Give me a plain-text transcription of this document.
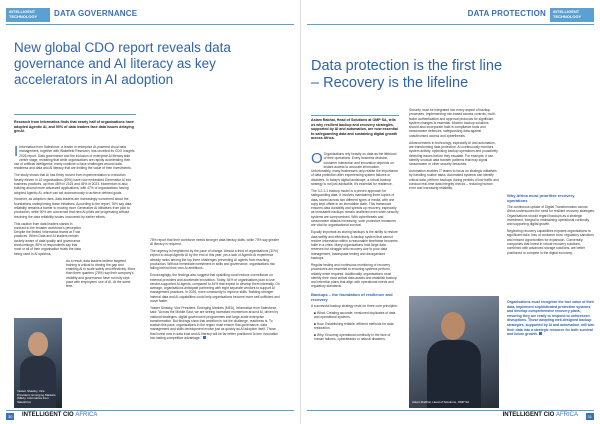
INTELLIGENT TECHNOLOGY	DATA GOVERNANCE
New global CDO report reveals data governance and AI literacy as key accelerators in AI adoption

Research from Informatica finds that nearly half of organisations have adopted Agentic AI, and 90% of data leaders face data issues delaying genAI.

I Informatica from Salesforce, a leader in enterprise AI-powered cloud data management, together with Wakefield Research, has unveiled its CDO Insights 2026 report. Data governance and the inclusion of enterprise AI literacy take centre stage, revealing that while organisations are rapidly accelerating their use of artificial intelligence, many continue to face challenges around data readiness and data and AI literacy that are limiting the value of their investments.

The study shows that AI has firmly moved from experimentation to execution. Nearly eleven in 10 organisations (69%) have now embedded Generative AI into business practices, up from 48% in 2024 and 45% in 2023. Momentum is also building around more advanced applications, with 47% of organisations having adopted Agentic AI, which can act autonomously to achieve defined goals.

However, as adoption rises, data leaders are increasingly concerned about the foundations underpinning these initiatives. According to the report, 76% say data reliability remains a barrier to moving more Generative AI initiatives from pilot to production, while 90% are concerned that new AI pilots are progressing without resolving the data reliability issues uncovered by earlier efforts.

This caution from data leaders stands in contrast to the broader workforce's perception. Despite the limited Informatica teams at Trust practices. When Data and AI leaders remain acutely aware of data quality and governance shortcomings, 85% of respondents say that most or all of their organisation trusts the data being used in AI systems.

As a result, data leaders believe targeted training is critical to closing the gap and enabling AI to scale safely and effectively. More than three quarters (75%) say their company's visibility and governance have not fully kept pace with employees' use of AI. At the same time.

Yasser Shawky, Vice President, Emerging Markets (MEA), Informatica from Salesforce

75% report that their workforce needs stronger data literacy skills, while 70% say greater AI literacy is required.

The urgency is heightened by the pace of change. Almost a third of organisations (31%) expect to adopt Agentic AI by the end of this year, yet a lack of Agentic AI experience already ranks among the top three challenges preventing AI agents from reaching production. Without immediate investment in skills and governance, organisations risk falling behind their own AI ambitions.

Encouragingly, the findings also suggest that upskilling could reduce overreliance on external providers and accelerate innovation. Today, 54% of organisations plan to use vendor-supported AI agents, compared to 44% that expect to develop them internally. On average, organisations anticipate partnering with eight separate vendors to support AI management practices. In 2026, more community to improve skills. Building stronger internal data and AI capabilities could help organisations become more self-sufficient and move faster.

Yasser Shawky, Vice President, Emerging Markets (MEA), Informatica from Salesforce, said: "Across the Middle East, we are seeing increased momentum around AI, driven by national strategies, digital government programmes and large-scale enterprise transformation. But findings show that ambition is not the challenge, readiness is. To sustain this pace, organisations in the region must ensure that governance, data management and skills development evolve just as quickly as AI adoption itself. Those that invest now in data trust and AI literacy will be far better positioned to turn innovation into lasting competitive advantage."

30	INTELLIGENT CIO AFRICA
DATA PROTECTION	INTELLIGENT TECHNOLOGY
Data protection is the first line – Recovery is the lifeline

Aslam Rabhai, Head of Solutions at OMP SA, tells us why resilient backup and recovery strategies, supported by AI and automation, are now essential to safeguarding data and sustaining digital growth across Africa.

O Organisations rely heavily on data as the lifeblood of their operations. Every business decision, customer interaction and innovation depends on instant access to accurate information. Unfortunately, many businesses only realise the importance of data protection after experiencing system failures or disasters. In today's digital landscape, a robust backup strategy is not just advisable, it's essential for resilience.

The 3-2-1-1 backup model is a proven approach for safeguarding data. It involves maintaining three copies of data, stored across two different types of media, with one copy kept offsite in an immutable state. This framework ensures data durability and speeds up recovery, especially as immutable backups remain unaltered even when security systems are compromised. With cyberthreats and ransomware attacks increasing, such protective measures are vital for organisational survival.

Equally important as storing backups is the ability to restore data swiftly and effectively. A backup system that cannot restore information within a reasonable timeframe becomes futile in a crisis. Many organisations hold large data reserves but struggle with recovery due to poor data management, inadequate testing and disorganised backups.

Regular testing and continuous monitoring of recovery procedures are essential to ensuring systems perform reliably when required. Additionally, organisations must identify their most critical data assets and establish backup and retention plans that align with operational needs and regulatory standards.

Backups – the foundation of resilience and recovery

A successful backup strategy rests on three core principles:

■ What: Creating accurate, versioned duplicates of data and operational systems.

■ How: Establishing reliable, efficient methods for data restoration.

■ Why: Ensuring operational continuity in the face of human failures, cyberattacks or natural disasters.

Security must be integrated into every aspect of backup processes. Implementing role-based access controls, multi-factor authentication and approval protocols for significant system changes is essential. Modern backup solutions should also incorporate built-in compliance tools and ransomware defences, safeguarding data against unauthorised access and cyberthreats.

Advancements in technology, especially AI and automation, are transforming data protection. AI continuously monitors system activity, optimising backup operations and proactively detecting issues before they escalate. For example, it can identify unusual data transfer patterns that may signal ransomware or other security breaches.

Automation enables IT teams to focus on strategic initiatives by handling routine tasks. Automated systems can identify critical data, perform backups during periods of low traffic and conduct real-time data integrity checks – reducing human error and increasing reliability.

Why Africa must prioritise recovery operations

The continuous uptake of Digital Transformation across Africa underscores the need for resilient recovery strategies. Organisations should regard backups as a strategic investment, integral to maintaining operational continuity and supporting digital growth.

Neglecting recovery capabilities exposes organisations to significant risks: loss of customer trust, regulatory sanctions and missed opportunities for expansion. Conversely, companies that invest in robust recovery solutions, combined with advanced storage solutions, are better positioned to compete in the digital economy.

Aslam Rabhai, Head of Solutions, OMP SA

Organisations must recognise the true value of their data, implement sophisticated protection systems, and develop comprehensive recovery plans, ensuring they are ready to respond to unforeseen disruptions. Those adopting well-designed backup strategies, supported by AI and automation, will turn their data into a strategic resource for both survival and future growth.

INTELLIGENT CIO AFRICA	31
